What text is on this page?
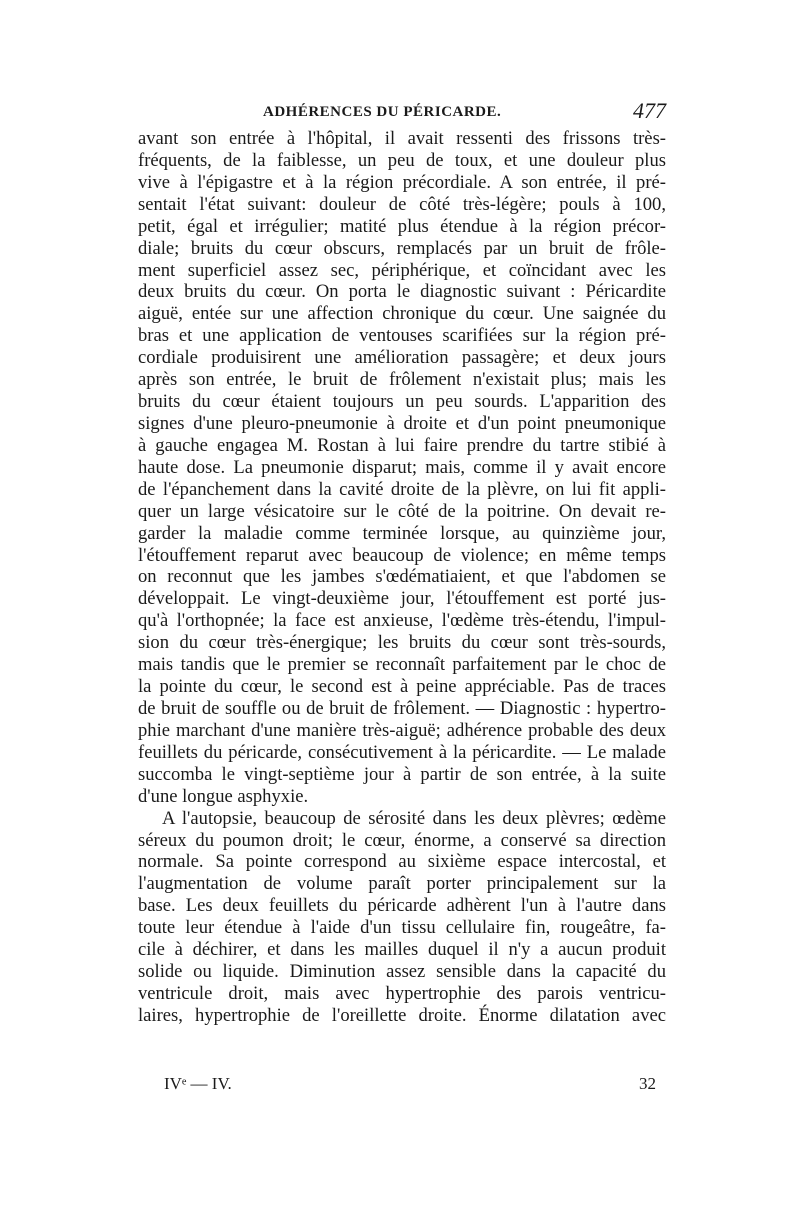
ADHÉRENCES DU PÉRICARDE.	477
avant son entrée à l'hôpital, il avait ressenti des frissons très-
fréquents, de la faiblesse, un peu de toux, et une douleur plus
vive à l'épigastre et à la région précordiale. A son entrée, il pré-
sentait l'état suivant: douleur de côté très-légère; pouls à 100,
petit, égal et irrégulier; matité plus étendue à la région précor-
diale; bruits du cœur obscurs, remplacés par un bruit de frôle-
ment superficiel assez sec, périphérique, et coïncidant avec les
deux bruits du cœur. On porta le diagnostic suivant : Péricardite
aiguë, entée sur une affection chronique du cœur. Une saignée du
bras et une application de ventouses scarifiées sur la région pré-
cordiale produisirent une amélioration passagère; et deux jours
après son entrée, le bruit de frôlement n'existait plus; mais les
bruits du cœur étaient toujours un peu sourds. L'apparition des
signes d'une pleuro-pneumonie à droite et d'un point pneumonique
à gauche engagea M. Rostan à lui faire prendre du tartre stibié à
haute dose. La pneumonie disparut; mais, comme il y avait encore
de l'épanchement dans la cavité droite de la plèvre, on lui fit appli-
quer un large vésicatoire sur le côté de la poitrine. On devait re-
garder la maladie comme terminée lorsque, au quinzième jour,
l'étouffement reparut avec beaucoup de violence; en même temps
on reconnut que les jambes s'œdématiaient, et que l'abdomen se
développait. Le vingt-deuxième jour, l'étouffement est porté jus-
qu'à l'orthopnée; la face est anxieuse, l'œdème très-étendu, l'impul-
sion du cœur très-énergique; les bruits du cœur sont très-sourds,
mais tandis que le premier se reconnaît parfaitement par le choc de
la pointe du cœur, le second est à peine appréciable. Pas de traces
de bruit de souffle ou de bruit de frôlement. — Diagnostic : hypertro-
phie marchant d'une manière très-aiguë; adhérence probable des deux
feuillets du péricarde, consécutivement à la péricardite. — Le malade
succomba le vingt-septième jour à partir de son entrée, à la suite
d'une longue asphyxie.
A l'autopsie, beaucoup de sérosité dans les deux plèvres; œdème
séreux du poumon droit; le cœur, énorme, a conservé sa direction
normale. Sa pointe correspond au sixième espace intercostal, et
l'augmentation de volume paraît porter principalement sur la
base. Les deux feuillets du péricarde adhèrent l'un à l'autre dans
toute leur étendue à l'aide d'un tissu cellulaire fin, rougeâtre, fa-
cile à déchirer, et dans les mailles duquel il n'y a aucun produit
solide ou liquide. Diminution assez sensible dans la capacité du
ventricule droit, mais avec hypertrophie des parois ventricu-
laires, hypertrophie de l'oreillette droite. Énorme dilatation avec
IVᵉ — IV.	32
